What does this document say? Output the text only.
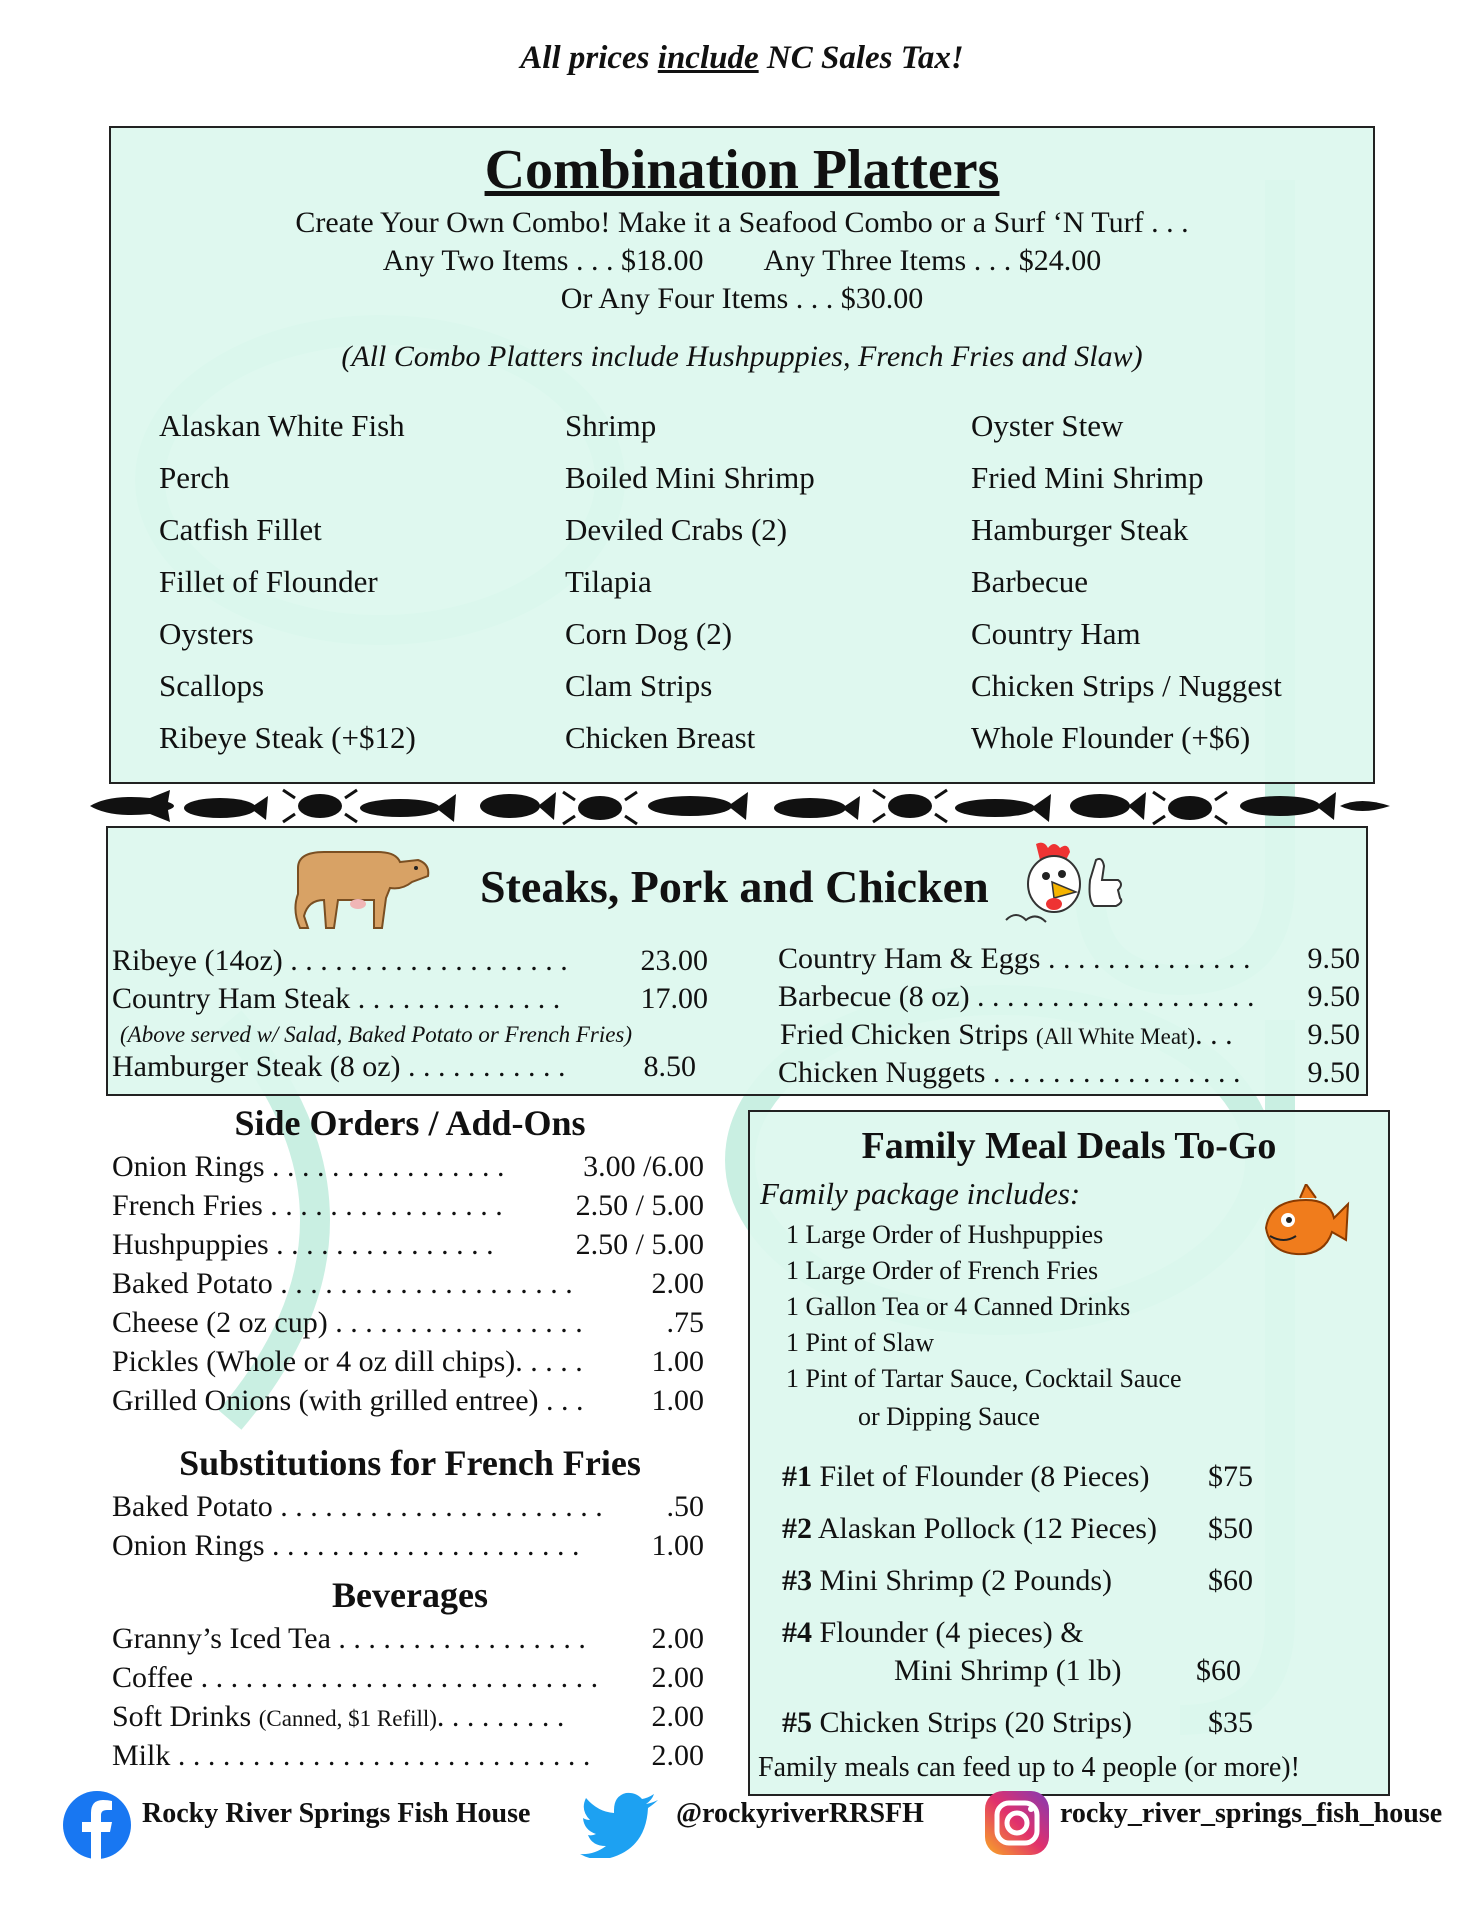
All prices include NC Sales Tax!
Combination Platters
Create Your Own Combo! Make it a Seafood Combo or a Surf ‘N Turf . . .
Any Two Items . . . $18.00 Any Three Items . . . $24.00
Or Any Four Items . . . $30.00
(All Combo Platters include Hushpuppies, French Fries and Slaw)
Alaskan White Fish
Perch
Catfish Fillet
Fillet of Flounder
Oysters
Scallops
Ribeye Steak (+$12)
Shrimp
Boiled Mini Shrimp
Deviled Crabs (2)
Tilapia
Corn Dog (2)
Clam Strips
Chicken Breast
Oyster Stew
Fried Mini Shrimp
Hamburger Steak
Barbecue
Country Ham
Chicken Strips / Nuggest
Whole Flounder (+$6)
Steaks, Pork and Chicken
Ribeye (14oz) . . . . . . . . . . . . . . . . . . .	23.00
Country Ham Steak . . . . . . . . . . . . . .	17.00
(Above served w/ Salad, Baked Potato or French Fries)
Hamburger Steak (8 oz) . . . . . . . . . . .	8.50
Country Ham & Eggs . . . . . . . . . . . . . .	9.50
Barbecue (8 oz) . . . . . . . . . . . . . . . . . . .	9.50
Fried Chicken Strips (All White Meat). . . 9.50
Chicken Nuggets . . . . . . . . . . . . . . . . .	9.50
Side Orders / Add-Ons
Onion Rings . . . . . . . . . . . . . . . .	3.00 /6.00
French Fries . . . . . . . . . . . . . . . . 2.50 / 5.00
Hushpuppies . . . . . . . . . . . . . . .	2.50 / 5.00
Baked Potato . . . . . . . . . . . . . . . . . . . .	2.00
Cheese (2 oz cup) . . . . . . . . . . . . . . . . .	.75
Pickles (Whole or 4 oz dill chips). . . . . 1.00
Grilled Onions (with grilled entree) . . . 1.00
Substitutions for French Fries
Baked Potato . . . . . . . . . . . . . . . . . . . . . . .50
Onion Rings . . . . . . . . . . . . . . . . . . . . . 1.00
Beverages
Granny’s Iced Tea . . . . . . . . . . . . . . . . . 2.00
Coffee . . . . . . . . . . . . . . . . . . . . . . . . . . . 2.00
Soft Drinks (Canned, $1 Refill). . . . . . . . .	2.00
Milk . . . . . . . . . . . . . . . . . . . . . . . . . . . . 2.00
Family Meal Deals To-Go
Family package includes:
1 Large Order of Hushpuppies
1 Large Order of French Fries
1 Gallon Tea or 4 Canned Drinks
1 Pint of Slaw
1 Pint of Tartar Sauce, Cocktail Sauce
or Dipping Sauce
#1 Filet of Flounder (8 Pieces) $75
#2 Alaskan Pollock (12 Pieces) $50
#3 Mini Shrimp (2 Pounds)	$60
#4 Flounder (4 pieces) &
Mini Shrimp (1 lb) $60
#5 Chicken Strips (20 Strips)	$35
Family meals can feed up to 4 people (or more)!
Rocky River Springs Fish House	@rockyriverRRSFH	rocky_river_springs_fish_house
